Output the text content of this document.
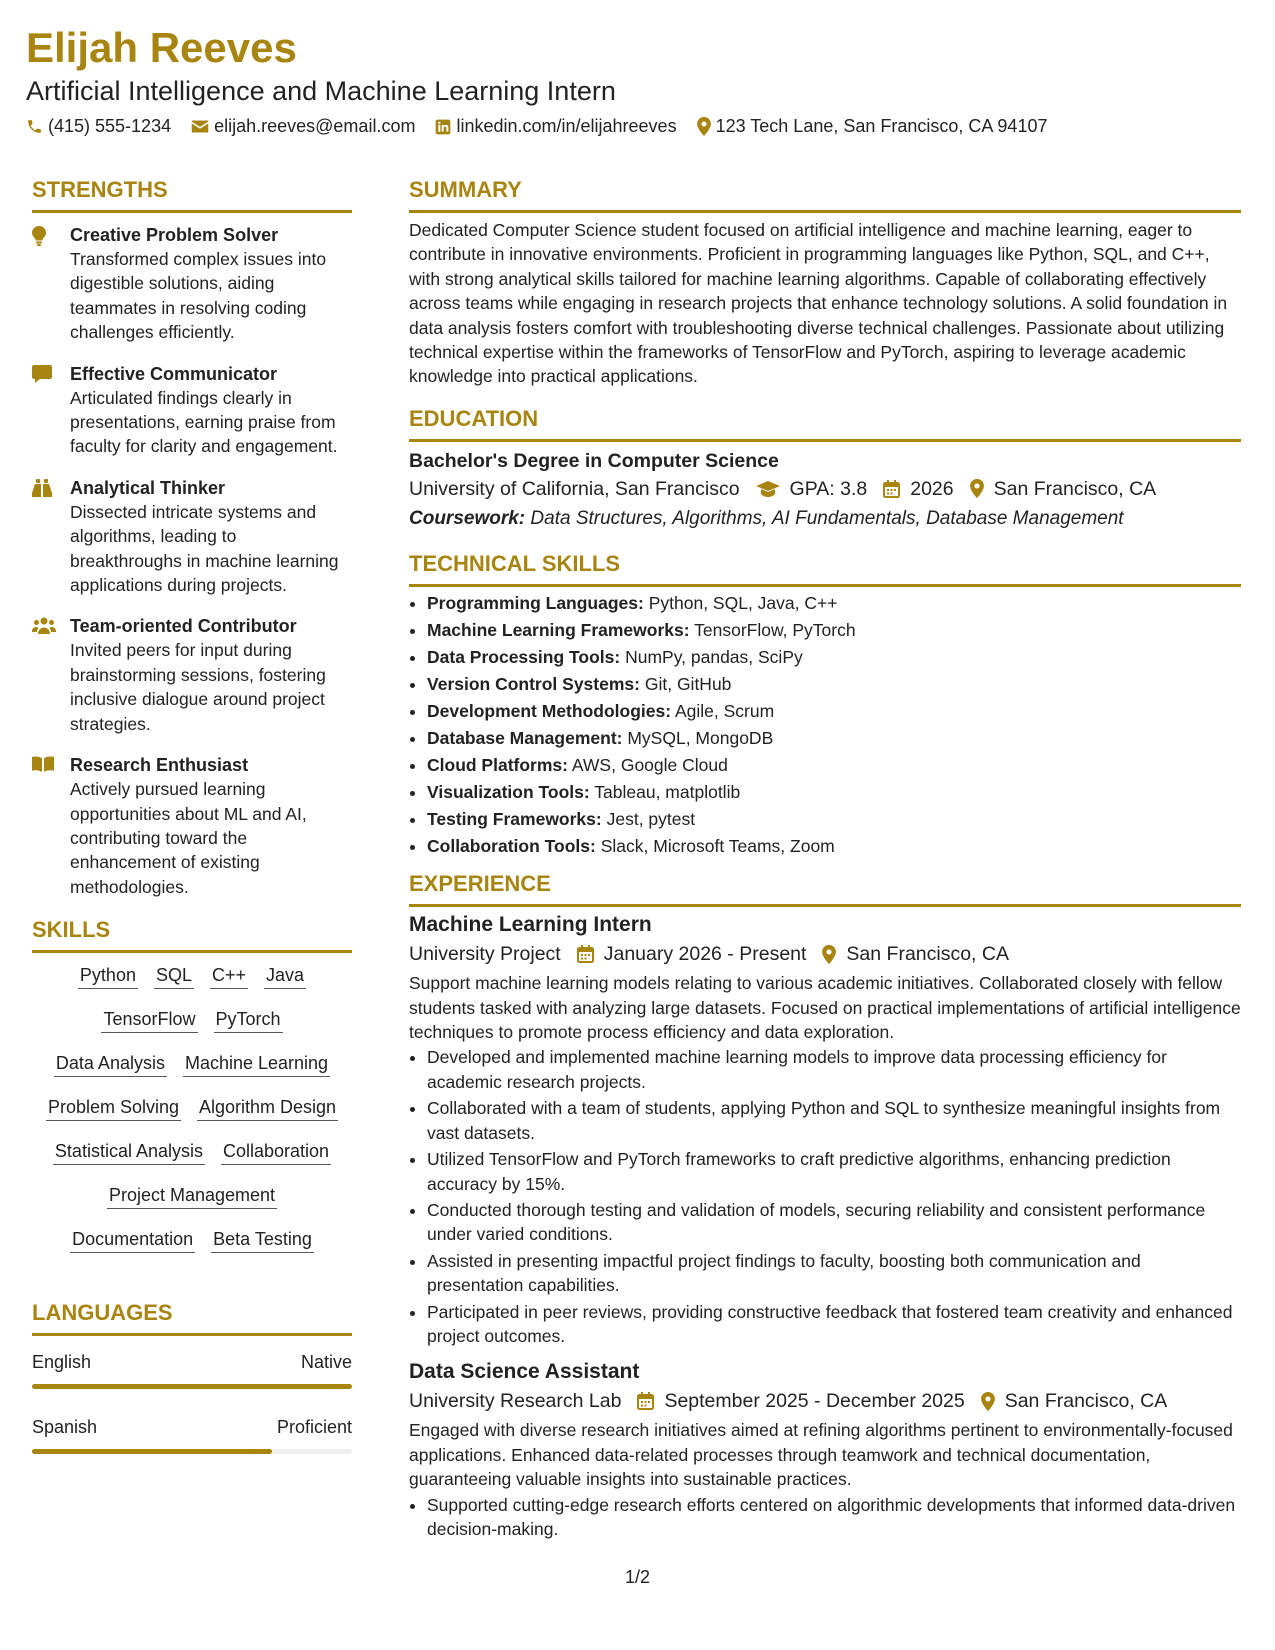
Elijah Reeves
Artificial Intelligence and Machine Learning Intern
(415) 555-1234 elijah.reeves@email.com linkedin.com/in/elijahreeves 123 Tech Lane, San Francisco, CA 94107
STRENGTHS
Creative Problem Solver
Transformed complex issues into digestible solutions, aiding teammates in resolving coding challenges efficiently.
Effective Communicator
Articulated findings clearly in presentations, earning praise from faculty for clarity and engagement.
Analytical Thinker
Dissected intricate systems and algorithms, leading to breakthroughs in machine learning applications during projects.
Team-oriented Contributor
Invited peers for input during brainstorming sessions, fostering inclusive dialogue around project strategies.
Research Enthusiast
Actively pursued learning opportunities about ML and AI, contributing toward the enhancement of existing methodologies.
SKILLS
Python SQL C++ Java
TensorFlow PyTorch
Data Analysis Machine Learning
Problem Solving Algorithm Design
Statistical Analysis Collaboration
Project Management
Documentation Beta Testing
LANGUAGES
English	Native
Spanish	Proficient
SUMMARY

Dedicated Computer Science student focused on artificial intelligence and machine learning, eager to contribute in innovative environments. Proficient in programming languages like Python, SQL, and C++, with strong analytical skills tailored for machine learning algorithms. Capable of collaborating effectively across teams while engaging in research projects that enhance technology solutions. A solid foundation in data analysis fosters comfort with troubleshooting diverse technical challenges. Passionate about utilizing technical expertise within the frameworks of TensorFlow and PyTorch, aspiring to leverage academic knowledge into practical applications.

EDUCATION
Bachelor's Degree in Computer Science
University of California, San Francisco	GPA: 3.8 2026 San Francisco, CA
Coursework: Data Structures, Algorithms, AI Fundamentals, Database Management
TECHNICAL SKILLS
• Programming Languages: Python, SQL, Java, C++
• Machine Learning Frameworks: TensorFlow, PyTorch
• Data Processing Tools: NumPy, pandas, SciPy
• Version Control Systems: Git, GitHub
• Development Methodologies: Agile, Scrum
• Database Management: MySQL, MongoDB
• Cloud Platforms: AWS, Google Cloud
• Visualization Tools: Tableau, matplotlib
• Testing Frameworks: Jest, pytest
• Collaboration Tools: Slack, Microsoft Teams, Zoom
EXPERIENCE
Machine Learning Intern
University Project January 2026 - Present San Francisco, CA

Support machine learning models relating to various academic initiatives. Collaborated closely with fellow students tasked with analyzing large datasets. Focused on practical implementations of artificial intelligence techniques to promote process efficiency and data exploration.

• Developed and implemented machine learning models to improve data processing efficiency for academic research projects.
• Collaborated with a team of students, applying Python and SQL to synthesize meaningful insights from vast datasets.
• Utilized TensorFlow and PyTorch frameworks to craft predictive algorithms, enhancing prediction accuracy by 15%.
• Conducted thorough testing and validation of models, securing reliability and consistent performance under varied conditions.
• Assisted in presenting impactful project findings to faculty, boosting both communication and presentation capabilities.
• Participated in peer reviews, providing constructive feedback that fostered team creativity and enhanced project outcomes.
Data Science Assistant
University Research Lab September 2025 - December 2025 San Francisco, CA

Engaged with diverse research initiatives aimed at refining algorithms pertinent to environmentally-focused applications. Enhanced data-related processes through teamwork and technical documentation, guaranteeing valuable insights into sustainable practices.

• Supported cutting-edge research efforts centered on algorithmic developments that informed data-driven decision-making.
1/2
